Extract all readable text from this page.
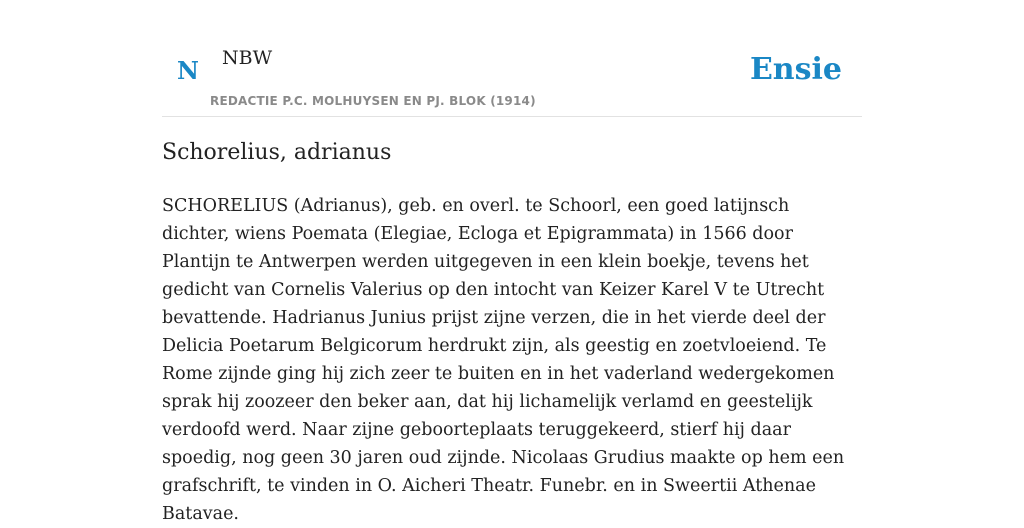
N NBW
REDACTIE P.C. MOLHUYSEN EN PJ. BLOK (1914)
Ensie
Schorelius, adrianus

SCHORELIUS (Adrianus), geb. en overl. te Schoorl, een goed latijnsch dichter, wiens Poemata (Elegiae, Ecloga et Epigrammata) in 1566 door Plantijn te Antwerpen werden uitgegeven in een klein boekje, tevens het gedicht van Cornelis Valerius op den intocht van Keizer Karel V te Utrecht bevattende. Hadrianus Junius prijst zijne verzen, die in het vierde deel der Delicia Poetarum Belgicorum herdrukt zijn, als geestig en zoetvloeiend. Te Rome zijnde ging hij zich zeer te buiten en in het vaderland wedergekomen sprak hij zoozeer den beker aan, dat hij lichamelijk verlamd en geestelijk verdoofd werd. Naar zijne geboorteplaats teruggekeerd, stierf hij daar spoedig, nog geen 30 jaren oud zijnde. Nicolaas Grudius maakte op hem een grafschrift, te vinden in O. Aicheri Theatr. Funebr. en in Sweertii Athenae Batavae.
